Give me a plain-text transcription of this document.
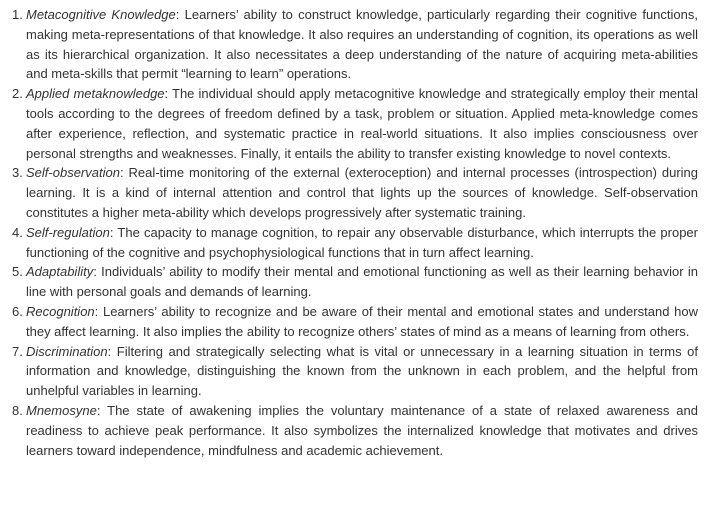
1. Metacognitive Knowledge: Learners’ ability to construct knowledge, particularly regarding their cognitive functions, making meta-representations of that knowledge. It also requires an understanding of cognition, its operations as well as its hierarchical organization. It also necessitates a deep understanding of the nature of acquiring meta-abilities and meta-skills that permit “learning to learn” operations.
2. Applied metaknowledge: The individual should apply metacognitive knowledge and strategically employ their mental tools according to the degrees of freedom defined by a task, problem or situation. Applied meta-knowledge comes after experience, reflection, and systematic practice in real-world situations. It also implies consciousness over personal strengths and weaknesses. Finally, it entails the ability to transfer existing knowledge to novel contexts.
3. Self-observation: Real-time monitoring of the external (exteroception) and internal processes (introspection) during learning. It is a kind of internal attention and control that lights up the sources of knowledge. Self-observation constitutes a higher meta-ability which develops progressively after systematic training.
4. Self-regulation: The capacity to manage cognition, to repair any observable disturbance, which interrupts the proper functioning of the cognitive and psychophysiological functions that in turn affect learning.
5. Adaptability: Individuals’ ability to modify their mental and emotional functioning as well as their learning behavior in line with personal goals and demands of learning.
6. Recognition: Learners’ ability to recognize and be aware of their mental and emotional states and understand how they affect learning. It also implies the ability to recognize others’ states of mind as a means of learning from others.
7. Discrimination: Filtering and strategically selecting what is vital or unnecessary in a learning situation in terms of information and knowledge, distinguishing the known from the unknown in each problem, and the helpful from unhelpful variables in learning.
8. Mnemosyne: The state of awakening implies the voluntary maintenance of a state of relaxed awareness and readiness to achieve peak performance. It also symbolizes the internalized knowledge that motivates and drives learners toward independence, mindfulness and academic achievement.
